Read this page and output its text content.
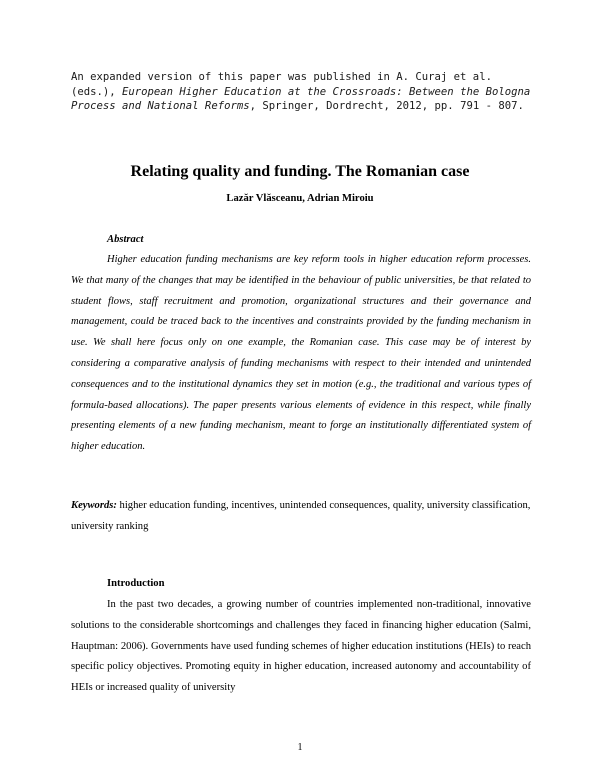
An expanded version of this paper was published in A. Curaj et al. (eds.), European Higher Education at the Crossroads: Between the Bologna Process and National Reforms, Springer, Dordrecht, 2012, pp. 791 - 807.
Relating quality and funding. The Romanian case
Lazăr Vlăsceanu, Adrian Miroiu
Abstract

Higher education funding mechanisms are key reform tools in higher education reform processes. We that many of the changes that may be identified in the behaviour of public universities, be that related to student flows, staff recruitment and promotion, organizational structures and their governance and management, could be traced back to the incentives and constraints provided by the funding mechanism in use. We shall here focus only on one example, the Romanian case. This case may be of interest by considering a comparative analysis of funding mechanisms with respect to their intended and unintended consequences and to the institutional dynamics they set in motion (e.g., the traditional and various types of formula-based allocations). The paper presents various elements of evidence in this respect, while finally presenting elements of a new funding mechanism, meant to forge an institutionally differentiated system of higher education.

Keywords: higher education funding, incentives, unintended consequences, quality, university classification, university ranking

Introduction

In the past two decades, a growing number of countries implemented non-traditional, innovative solutions to the considerable shortcomings and challenges they faced in financing higher education (Salmi, Hauptman: 2006). Governments have used funding schemes of higher education institutions (HEIs) to reach specific policy objectives. Promoting equity in higher education, increased autonomy and accountability of HEIs or increased quality of university

1
